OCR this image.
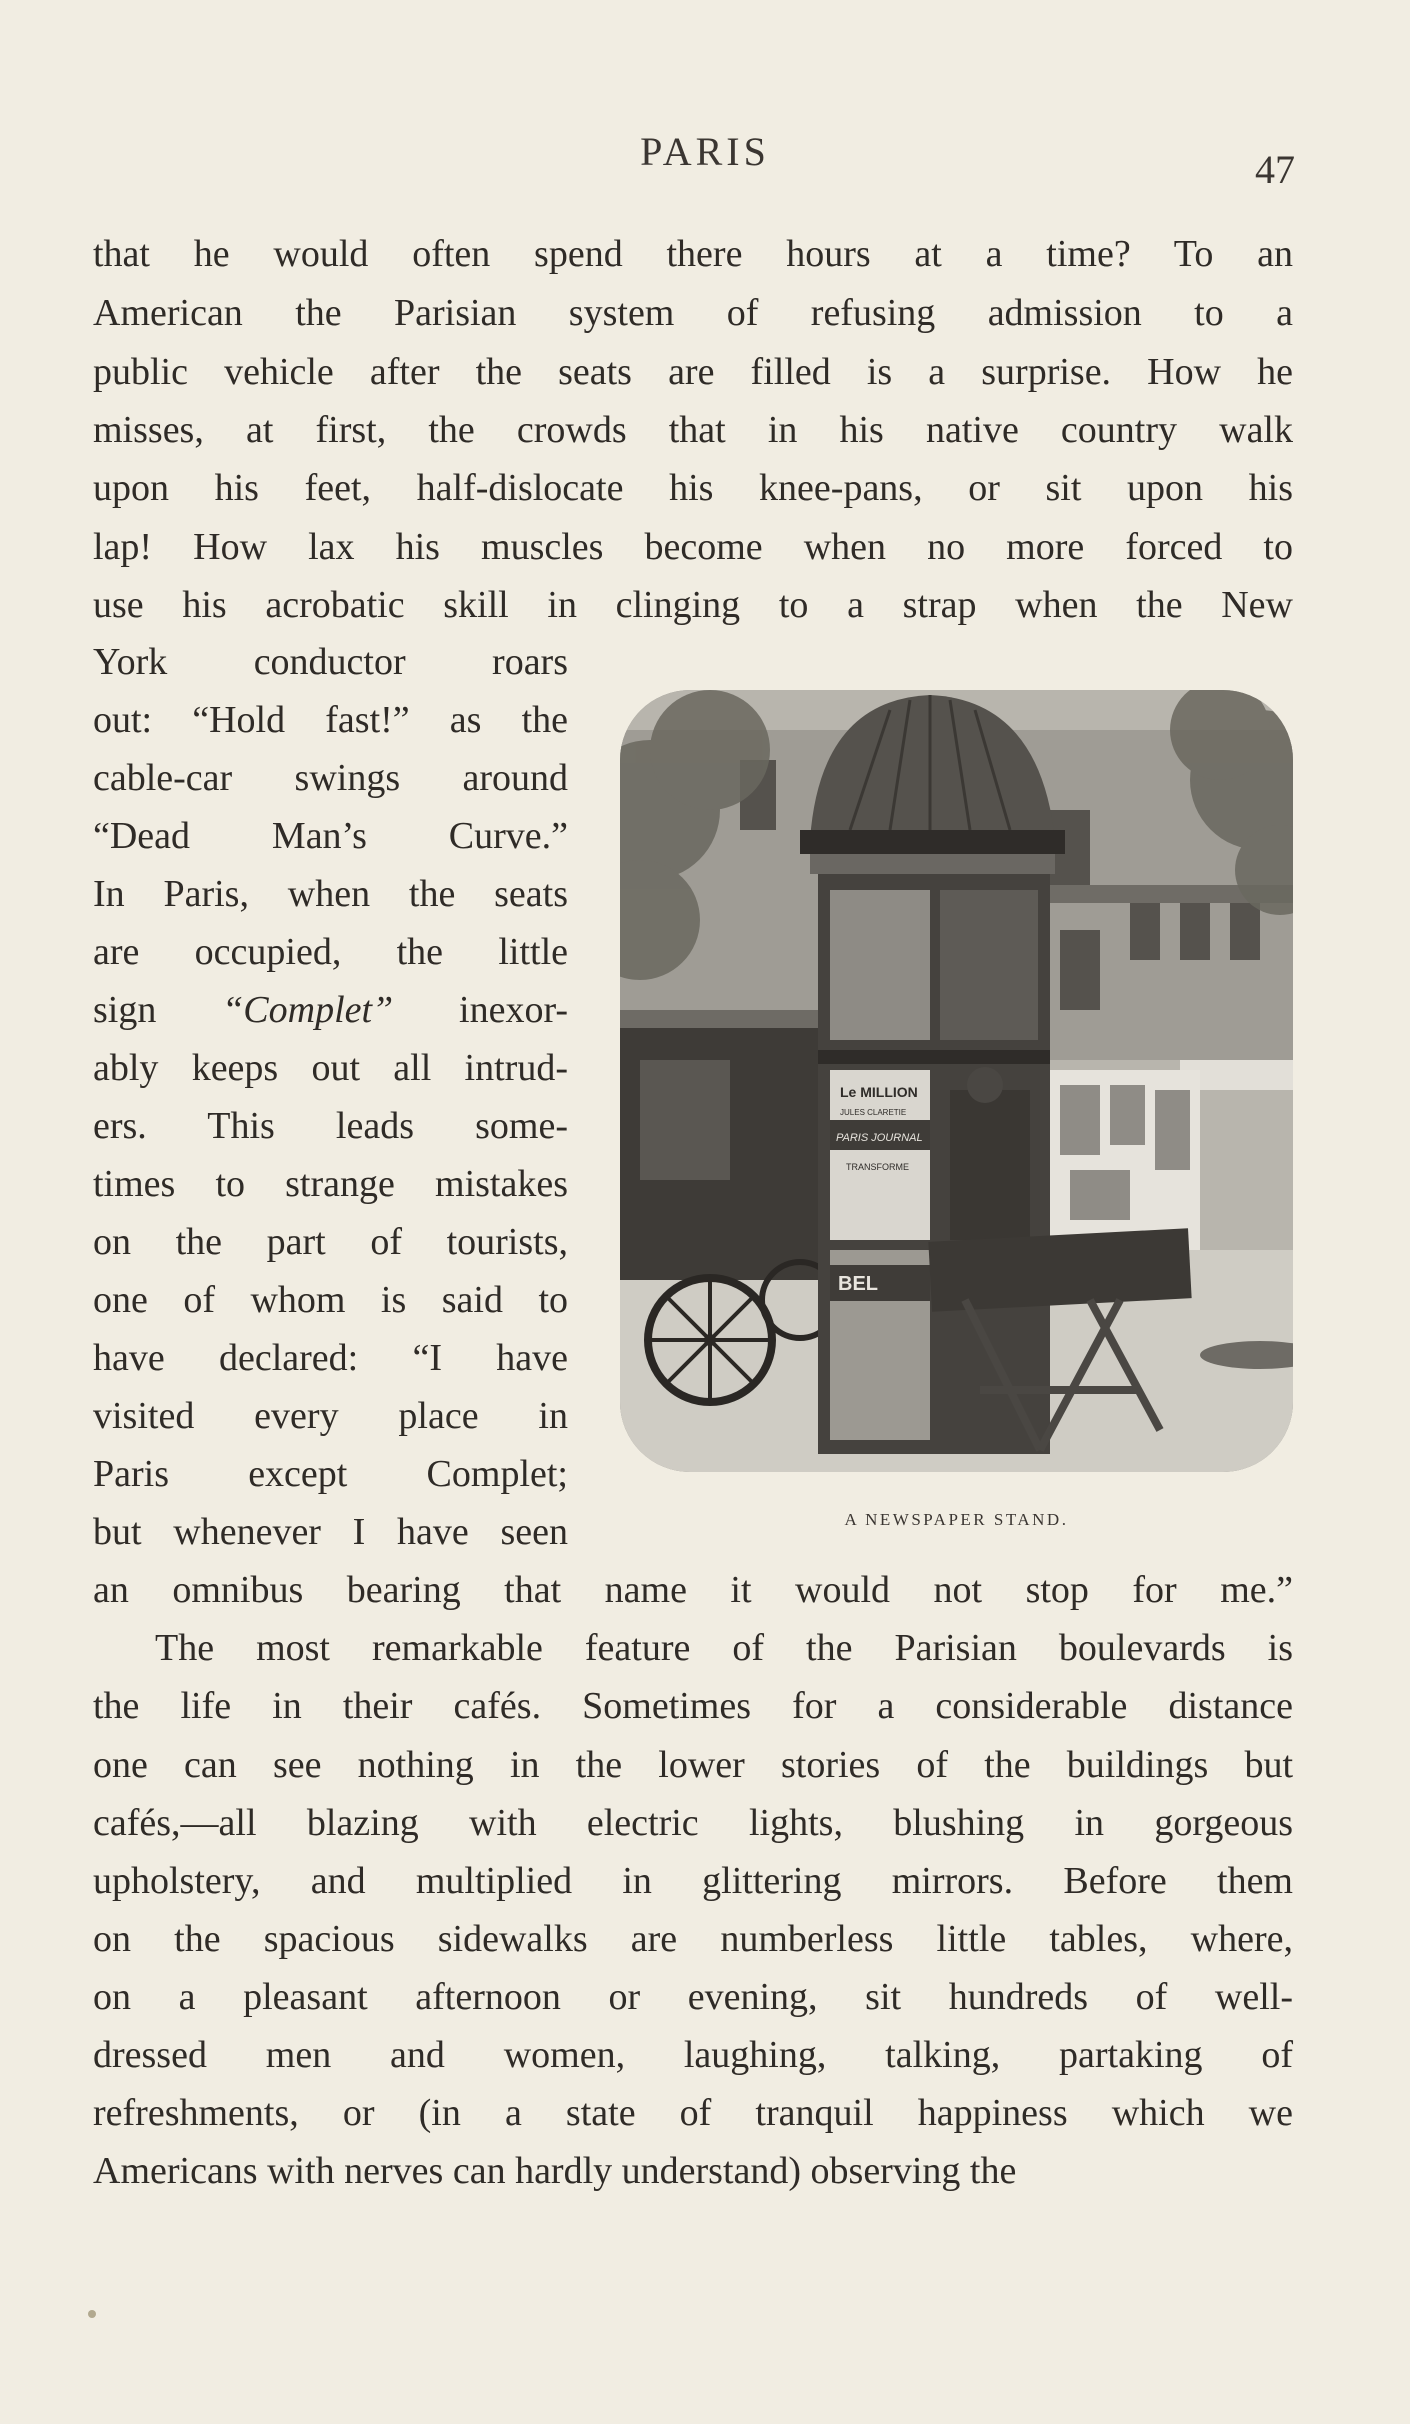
PARIS	47
that he would often spend there hours at a time? To an
American the Parisian system of refusing admission to a
public vehicle after the seats are filled is a surprise. How he
misses, at first, the crowds that in his native country walk
upon his feet, half-dislocate his knee-pans, or sit upon his
lap! How lax his muscles become when no more forced to
use his acrobatic skill in clinging to a strap when the New
York conductor roars
out: “Hold fast!” as the
cable-car swings around
“Dead Man’s Curve.”
In Paris, when the seats
are occupied, the little
sign “Complet” inexor-
ably keeps out all intrud-
ers. This leads some-
times to strange mistakes
on the part of tourists,
one of whom is said to
have declared: “I have
visited every place in
Paris except Complet;
but whenever I have seen
an omnibus bearing that name it would not stop for me.”
The most remarkable feature of the Parisian boulevards is
the life in their cafés. Sometimes for a considerable distance
one can see nothing in the lower stories of the buildings but
cafés,—all blazing with electric lights, blushing in gorgeous
upholstery, and multiplied in glittering mirrors. Before them
on the spacious sidewalks are numberless little tables, where,
on a pleasant afternoon or evening, sit hundreds of well-
dressed men and women, laughing, talking, partaking of
refreshments, or (in a state of tranquil happiness which we
Americans with nerves can hardly understand) observing the
Le MILLION
JULES CLARETIE
PARIS JOURNAL
TRANSFORME
BEL
A NEWSPAPER STAND.
